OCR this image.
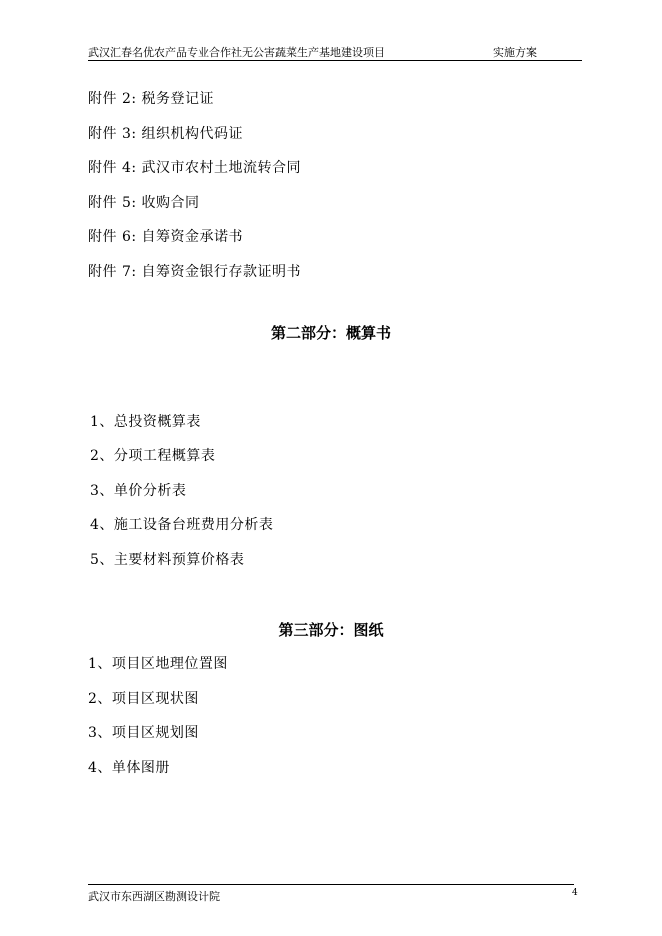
武汉汇春名优农产品专业合作社无公害蔬菜生产基地建设项目	实施方案
附件 2: 税务登记证
附件 3: 组织机构代码证
附件 4: 武汉市农村土地流转合同
附件 5: 收购合同
附件 6: 自筹资金承诺书
附件 7: 自筹资金银行存款证明书
第二部分：概算书
1、总投资概算表
2、分项工程概算表
3、单价分析表
4、施工设备台班费用分析表
5、主要材料预算价格表
第三部分：图纸
1、项目区地理位置图
2、项目区现状图
3、项目区规划图
4、单体图册
武汉市东西湖区勘测设计院	4
